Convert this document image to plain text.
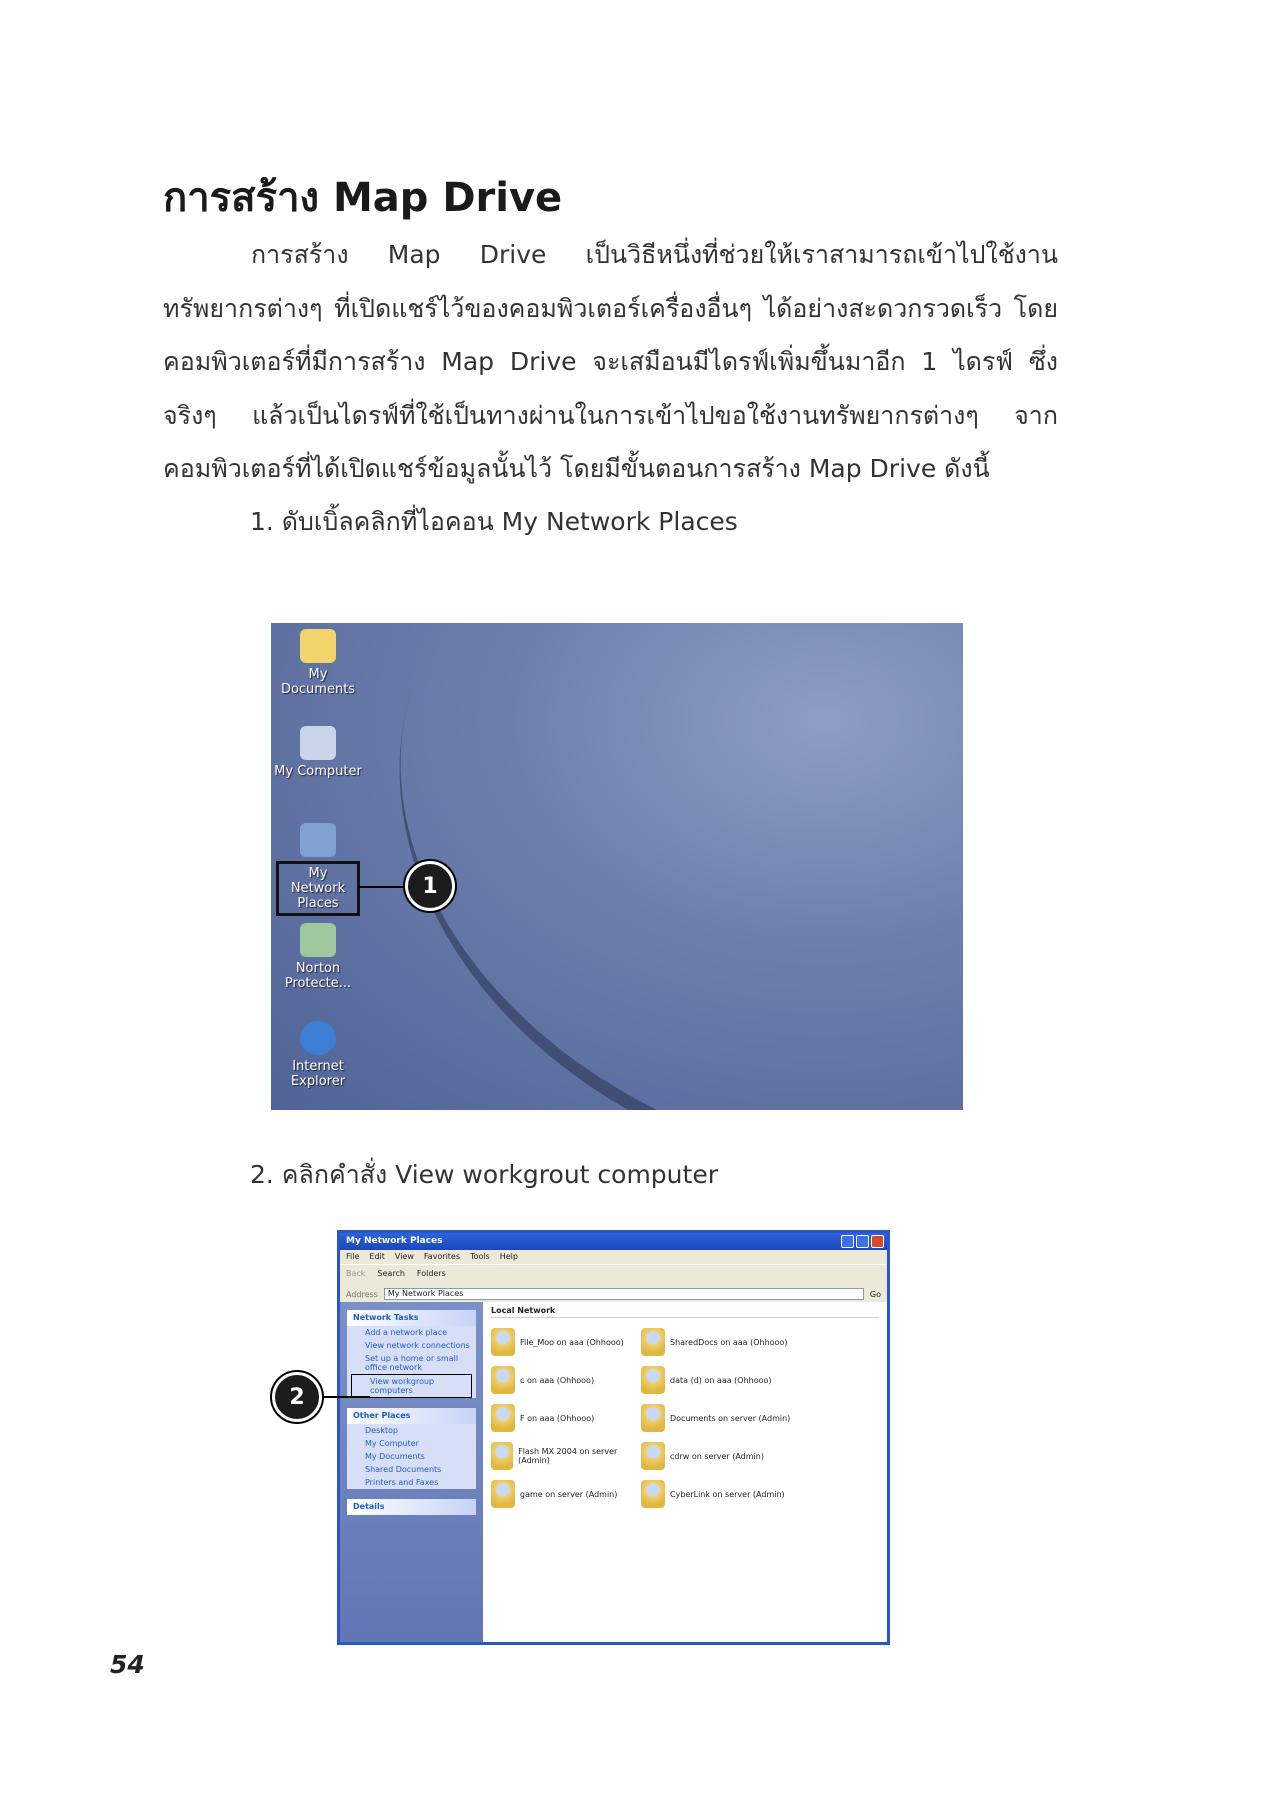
การสร้าง Map Drive
การสร้าง Map Drive เป็นวิธีหนึ่งที่ช่วยให้เราสามารถเข้าไปใช้งานทรัพยากรต่างๆ ที่เปิดแชร์ไว้ของคอมพิวเตอร์เครื่องอื่นๆ ได้อย่างสะดวกรวดเร็ว โดยคอมพิวเตอร์ที่มีการสร้าง Map Drive จะเสมือนมีไดรฟ์เพิ่มขึ้นมาอีก 1 ไดรฟ์ ซึ่งจริงๆ แล้วเป็นไดรฟ์ที่ใช้เป็นทางผ่านในการเข้าไปขอใช้งานทรัพยากรต่างๆ จากคอมพิวเตอร์ที่ได้เปิดแชร์ข้อมูลนั้นไว้ โดยมีขั้นตอนการสร้าง Map Drive ดังนี้
1. ดับเบิ้ลคลิกที่ไอคอน My Network Places
My Documents
My Computer
My Network Places
Norton Protecte...
Internet Explorer
1
2. คลิกคำสั่ง View workgrout computer
My Network Places
File Edit View Favorites Tools Help
Back Search Folders
Address	My Network Places	Go
Network Tasks
Add a network place
View network connections
Set up a home or small office network
View workgroup computers
Other Places
Desktop
My Computer
My Documents
Shared Documents
Printers and Faxes
Details
Local Network
File_Moo on aaa (Ohhooo)	SharedDocs on aaa (Ohhooo)
c on aaa (Ohhooo)	data (d) on aaa (Ohhooo)
F on aaa (Ohhooo)	Documents on server (Admin)
Flash MX 2004 on server (Admin)	cdrw on server (Admin)
game on server (Admin)	CyberLink on server (Admin)
2
54
